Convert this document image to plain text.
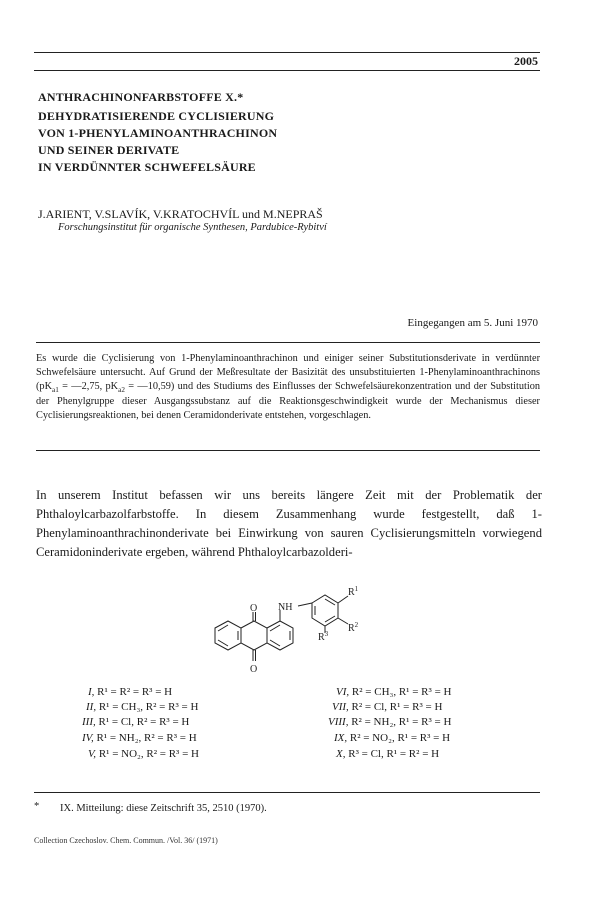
2005
ANTHRACHINONFARBSTOFFE X.*
DEHYDRATISIERENDE CYCLISIERUNG
VON 1-PHENYLAMINOANTHRACHINON
UND SEINER DERIVATE
IN VERDÜNNTER SCHWEFELSÄURE
J.ARIENT, V.SLAVÍK, V.KRATOCHVÍL und M.NEPRAŠ
Forschungsinstitut für organische Synthesen, Pardubice-Rybitví
Eingegangen am 5. Juni 1970
Es wurde die Cyclisierung von 1-Phenylaminoanthrachinon und einiger seiner Substitutionsderivate in verdünnter Schwefelsäure untersucht. Auf Grund der Meßresultate der Basizität des unsubstituierten 1-Phenylaminoanthrachinons ($pK_{a1}$ = —2,75, $pK_{a2}$ = —10,59) und des Studiums des Einflusses der Schwefelsäurekonzentration und der Substitution der Phenylgruppe dieser Ausgangssubstanz auf die Reaktionsgeschwindigkeit wurde der Mechanismus dieser Cyclisierungsreaktionen, bei denen Ceramidonderivate entstehen, vorgeschlagen.
In unserem Institut befassen wir uns bereits längere Zeit mit der Problematik der Phthaloylcarbazolfarbstoffe. In diesem Zusammenhang wurde festgestellt, daß 1-Phenylaminoanthrachinonderivate bei Einwirkung von sauren Cyclisierungsmitteln vorwiegend Ceramidoninderivate ergeben, während Phthaloylcarbazolderi-
O
O
NH
$R^1$
$R^2$
$R^3$
I, R¹ = R² = R³ = H
II, R¹ = CH₃, R² = R³ = H
III, R¹ = Cl, R² = R³ = H
IV, R¹ = NH₂, R² = R³ = H
V, R¹ = NO₂, R² = R³ = H
VI, R² = CH₃, R¹ = R³ = H
VII, R² = Cl, R¹ = R³ = H
VIII, R² = NH₂, R¹ = R³ = H
IX, R² = NO₂, R¹ = R³ = H
X, R³ = Cl, R¹ = R² = H
* IX. Mitteilung: diese Zeitschrift 35, 2510 (1970).
Collection Czechoslov. Chem. Commun. /Vol. 36/ (1971)
